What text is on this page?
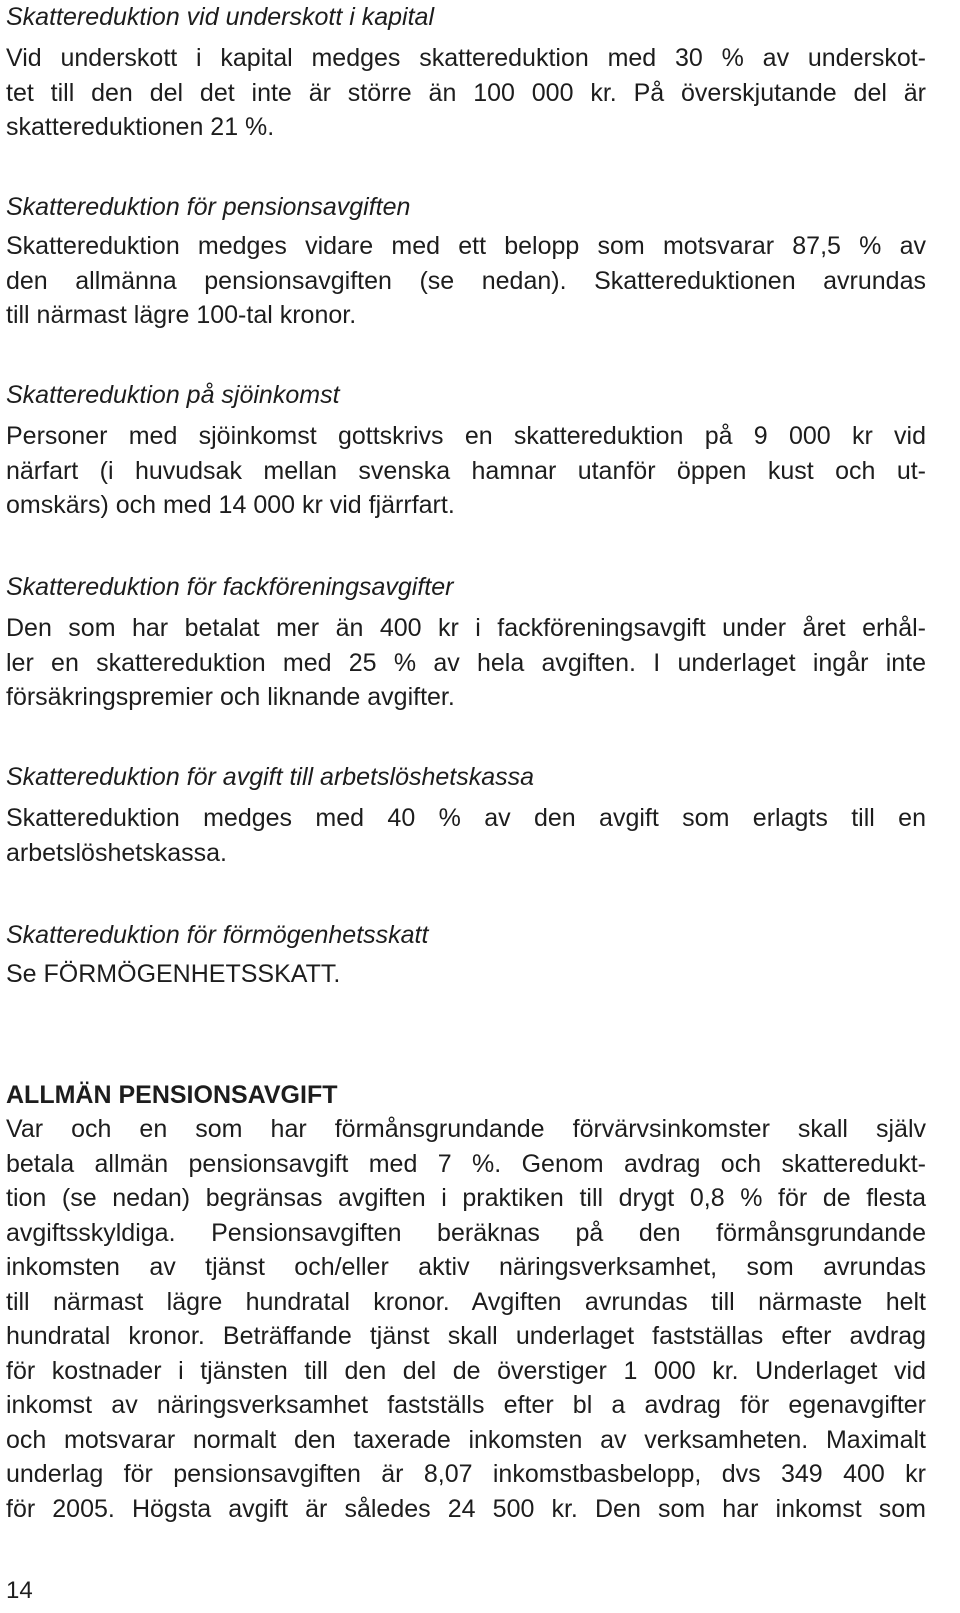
Skattereduktion vid underskott i kapital

Vid underskott i kapital medges skattereduktion med 30 % av underskot-
tet till den del det inte är större än 100 000 kr. På överskjutande del är
skattereduktionen 21 %.

Skattereduktion för pensionsavgiften

Skattereduktion medges vidare med ett belopp som motsvarar 87,5 % av
den allmänna pensionsavgiften (se nedan). Skattereduktionen avrundas
till närmast lägre 100-tal kronor.

Skattereduktion på sjöinkomst

Personer med sjöinkomst gottskrivs en skattereduktion på 9 000 kr vid
närfart (i huvudsak mellan svenska hamnar utanför öppen kust och ut-
omskärs) och med 14 000 kr vid fjärrfart.

Skattereduktion för fackföreningsavgifter

Den som har betalat mer än 400 kr i fackföreningsavgift under året erhål-
ler en skattereduktion med 25 % av hela avgiften. I underlaget ingår inte
försäkringspremier och liknande avgifter.

Skattereduktion för avgift till arbetslöshetskassa

Skattereduktion medges med 40 % av den avgift som erlagts till en
arbetslöshetskassa.

Skattereduktion för förmögenhetsskatt

Se FÖRMÖGENHETSSKATT.

ALLMÄN PENSIONSAVGIFT

Var och en som har förmånsgrundande förvärvsinkomster skall själv
betala allmän pensionsavgift med 7 %. Genom avdrag och skatteredukt-
tion (se nedan) begränsas avgiften i praktiken till drygt 0,8 % för de flesta
avgiftsskyldiga. Pensionsavgiften beräknas på den förmånsgrundande
inkomsten av tjänst och/eller aktiv näringsverksamhet, som avrundas
till närmast lägre hundratal kronor. Avgiften avrundas till närmaste helt
hundratal kronor. Beträffande tjänst skall underlaget fastställas efter avdrag
för kostnader i tjänsten till den del de överstiger 1 000 kr. Underlaget vid
inkomst av näringsverksamhet fastställs efter bl a avdrag för egenavgifter
och motsvarar normalt den taxerade inkomsten av verksamheten. Maximalt
underlag för pensionsavgiften är 8,07 inkomstbasbelopp, dvs 349 400 kr
för 2005. Högsta avgift är således 24 500 kr. Den som har inkomst som

14
